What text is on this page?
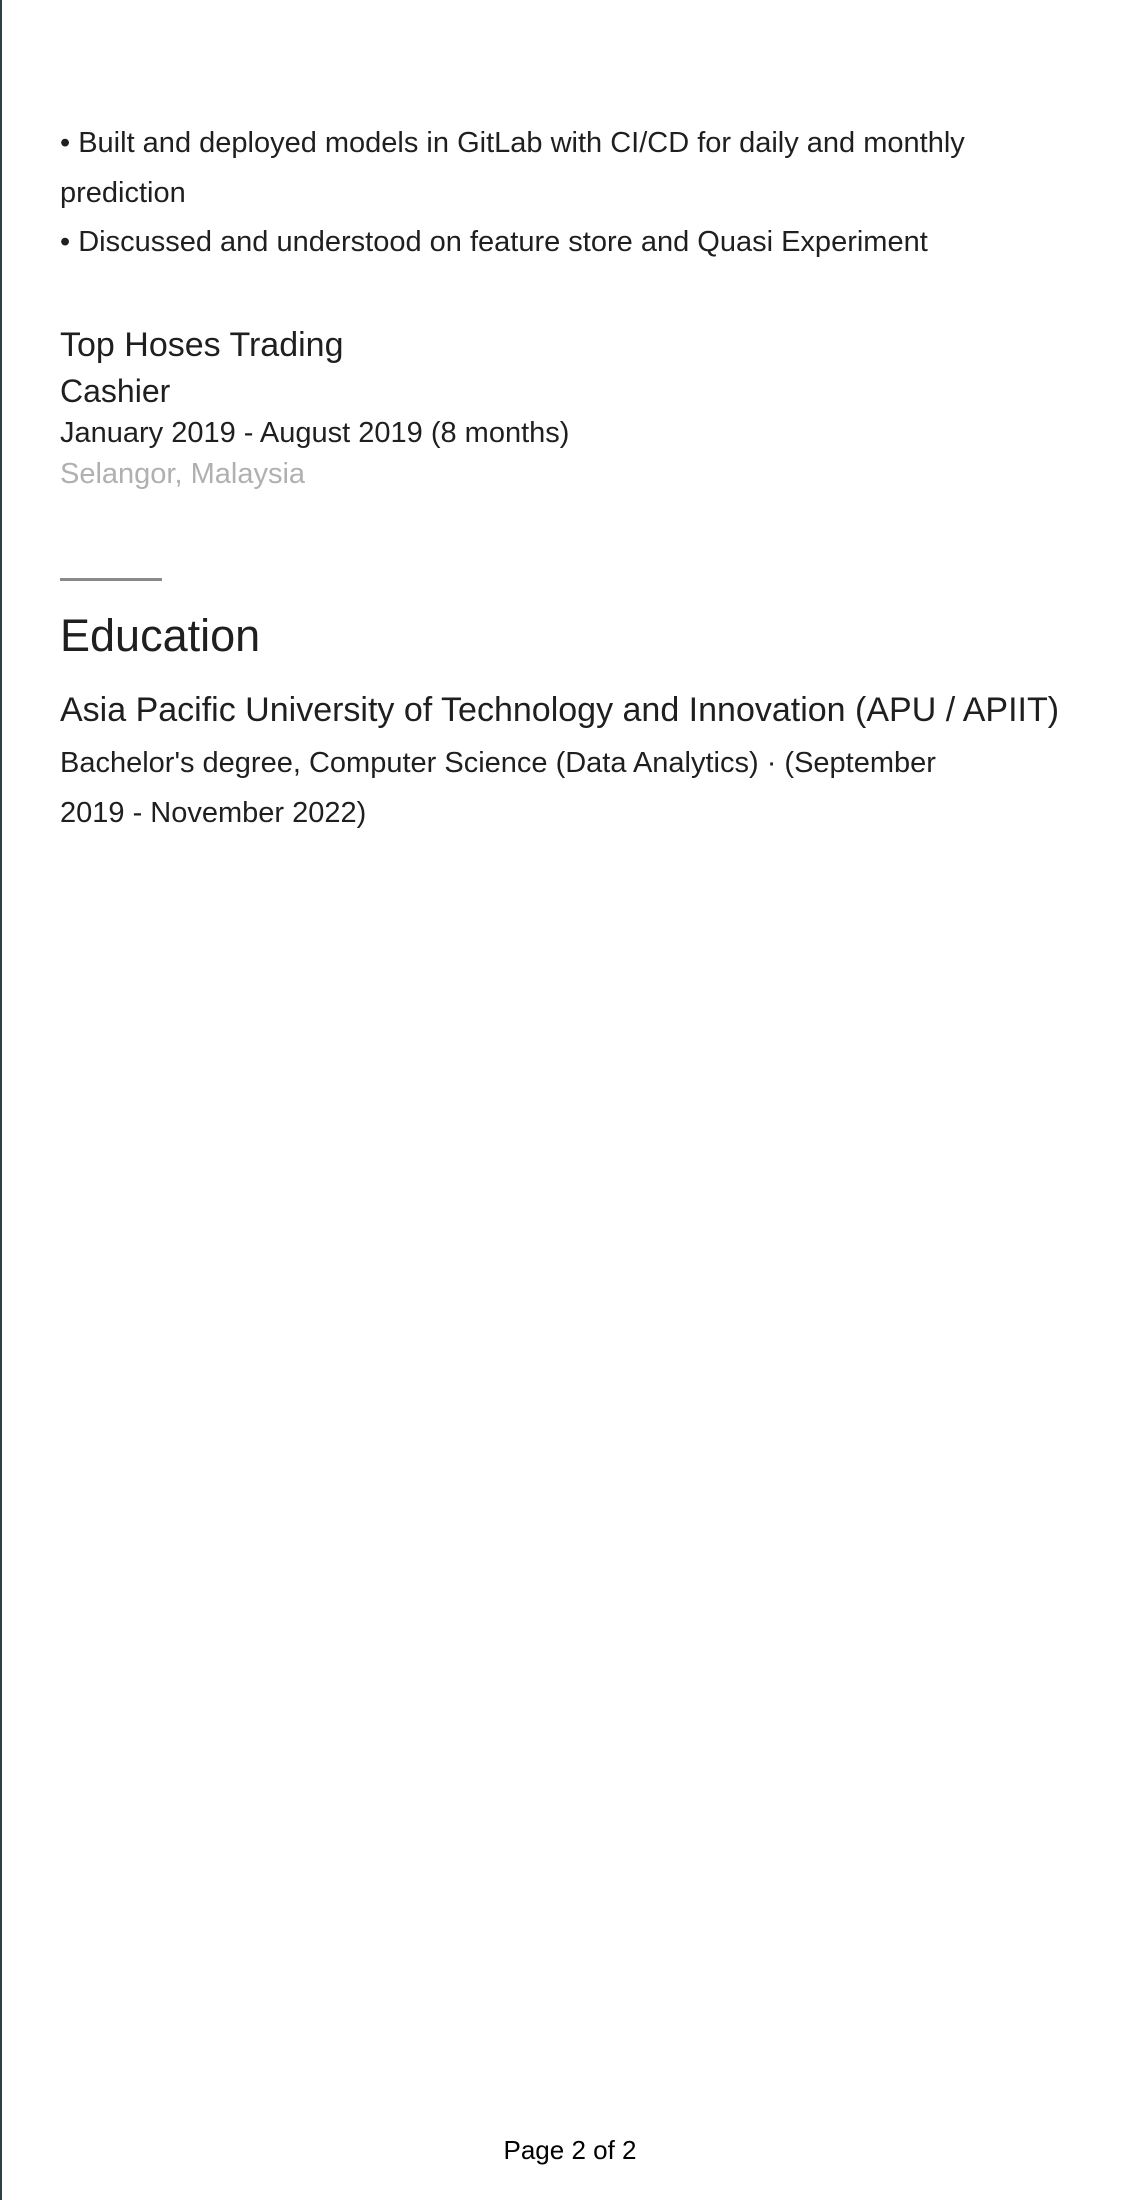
• Built and deployed models in GitLab with CI/CD for daily and monthly prediction
• Discussed and understood on feature store and Quasi Experiment
Top Hoses Trading
Cashier
January 2019 - August 2019 (8 months)
Selangor, Malaysia
Education
Asia Pacific University of Technology and Innovation (APU / APIIT)
Bachelor's degree, Computer Science (Data Analytics) · (September 2019 - November 2022)
Page 2 of 2
